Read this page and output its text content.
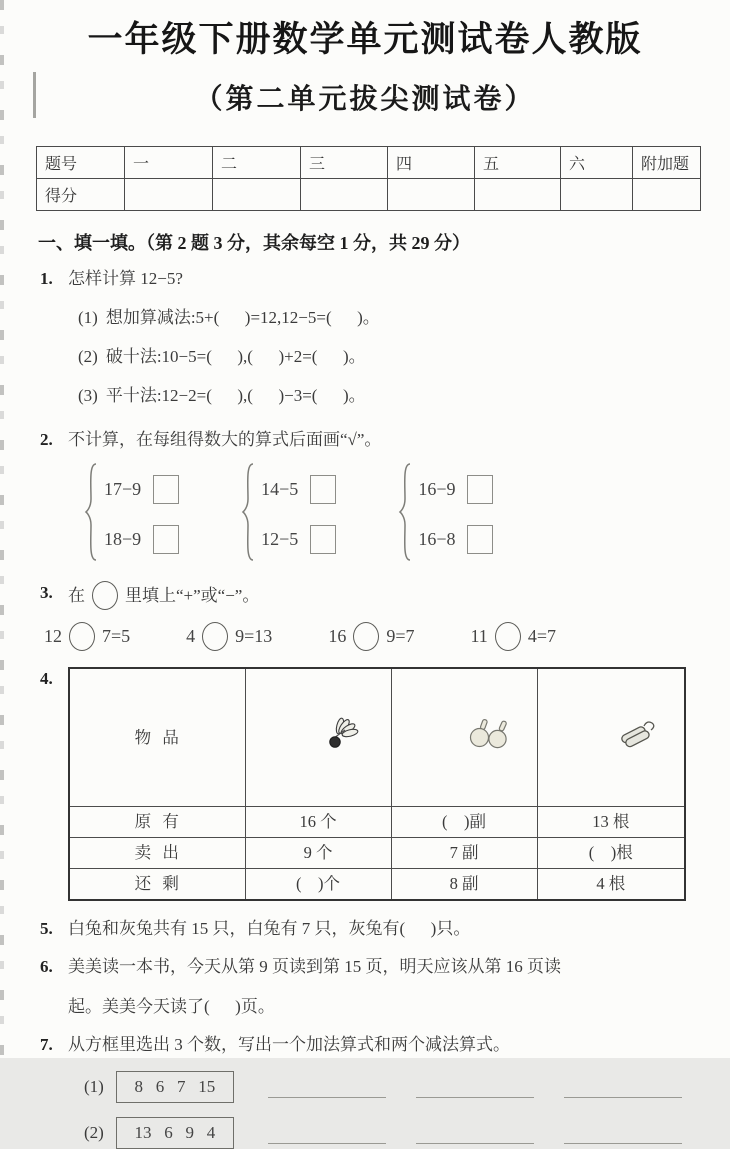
一年级下册数学单元测试卷人教版
（第二单元拔尖测试卷）
题号	一	二	三	四	五	六	附加题
得分							
一、填一填。（第 2 题 3 分，其余每空 1 分，共 29 分）
1. 怎样计算 12−5?
(1) 想加算减法:5+(      )=12,12−5=(      )。
(2) 破十法:10−5=(      ),(      )+2=(      )。
(3) 平十法:12−2=(      ),(      )−3=(      )。
2. 不计算，在每组得数大的算式后面画“√”。
17−9
18−9
14−5
12−5
16−9
16−8
3. 在 里填上“+”或“−”。
12 7=5	4 9=13	16 9=7	11 4=7
4.
物  品	

原  有	16 个	(    )副	13 根
卖  出	9 个	7 副	(    )根
还  剩	(    )个	8 副	4 根
5. 白兔和灰兔共有 15 只，白兔有 7 只，灰兔有(      )只。
6. 美美读一本书，今天从第 9 页读到第 15 页，明天应该从第 16 页读
起。美美今天读了(      )页。
7. 从方框里选出 3 个数，写出一个加法算式和两个减法算式。
(1)	8   6   7   15
(2)	13   6   9   4
